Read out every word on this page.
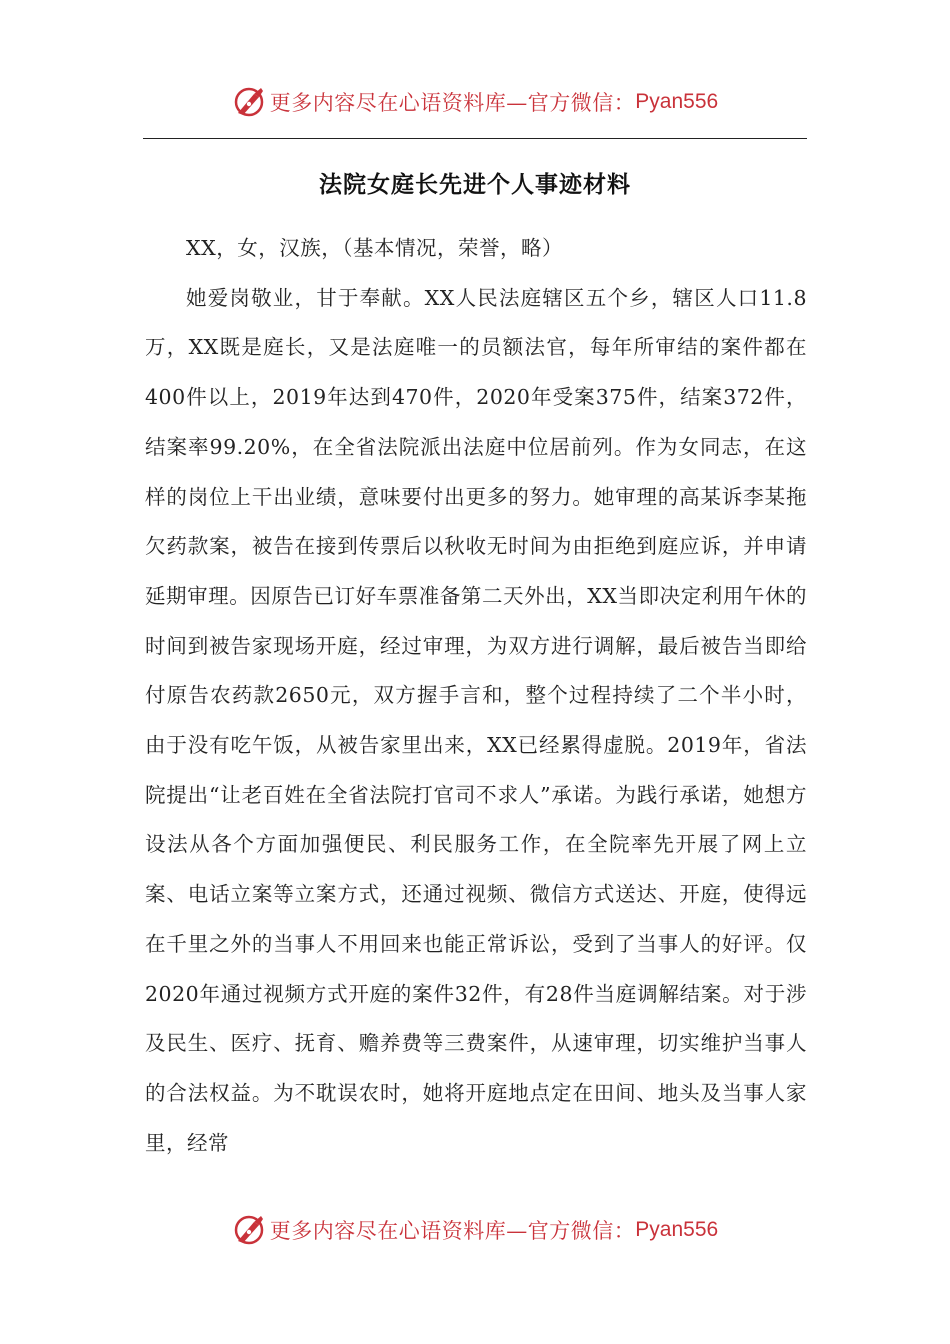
更多内容尽在心语资料库—官方微信： Pyan556
法院女庭长先进个人事迹材料

XX，女，汉族，（基本情况，荣誉，略）

她爱岗敬业，甘于奉献。XX人民法庭辖区五个乡，辖区人口11.8万，XX既是庭长，又是法庭唯一的员额法官，每年所审结的案件都在400件以上，2019年达到470件，2020年受案375件，结案372件，结案率99.20%，在全省法院派出法庭中位居前列。作为女同志，在这样的岗位上干出业绩，意味要付出更多的努力。她审理的高某诉李某拖欠药款案，被告在接到传票后以秋收无时间为由拒绝到庭应诉，并申请延期审理。因原告已订好车票准备第二天外出，XX当即决定利用午休的时间到被告家现场开庭，经过审理，为双方进行调解，最后被告当即给付原告农药款2650元，双方握手言和，整个过程持续了二个半小时，由于没有吃午饭，从被告家里出来，XX已经累得虚脱。2019年，省法院提出“让老百姓在全省法院打官司不求人”承诺。为践行承诺，她想方设法从各个方面加强便民、利民服务工作，在全院率先开展了网上立案、电话立案等立案方式，还通过视频、微信方式送达、开庭，使得远在千里之外的当事人不用回来也能正常诉讼，受到了当事人的好评。仅2020年通过视频方式开庭的案件32件，有28件当庭调解结案。对于涉及民生、医疗、抚育、赡养费等三费案件，从速审理，切实维护当事人的合法权益。为不耽误农时，她将开庭地点定在田间、地头及当事人家里，经常

更多内容尽在心语资料库—官方微信： Pyan556
